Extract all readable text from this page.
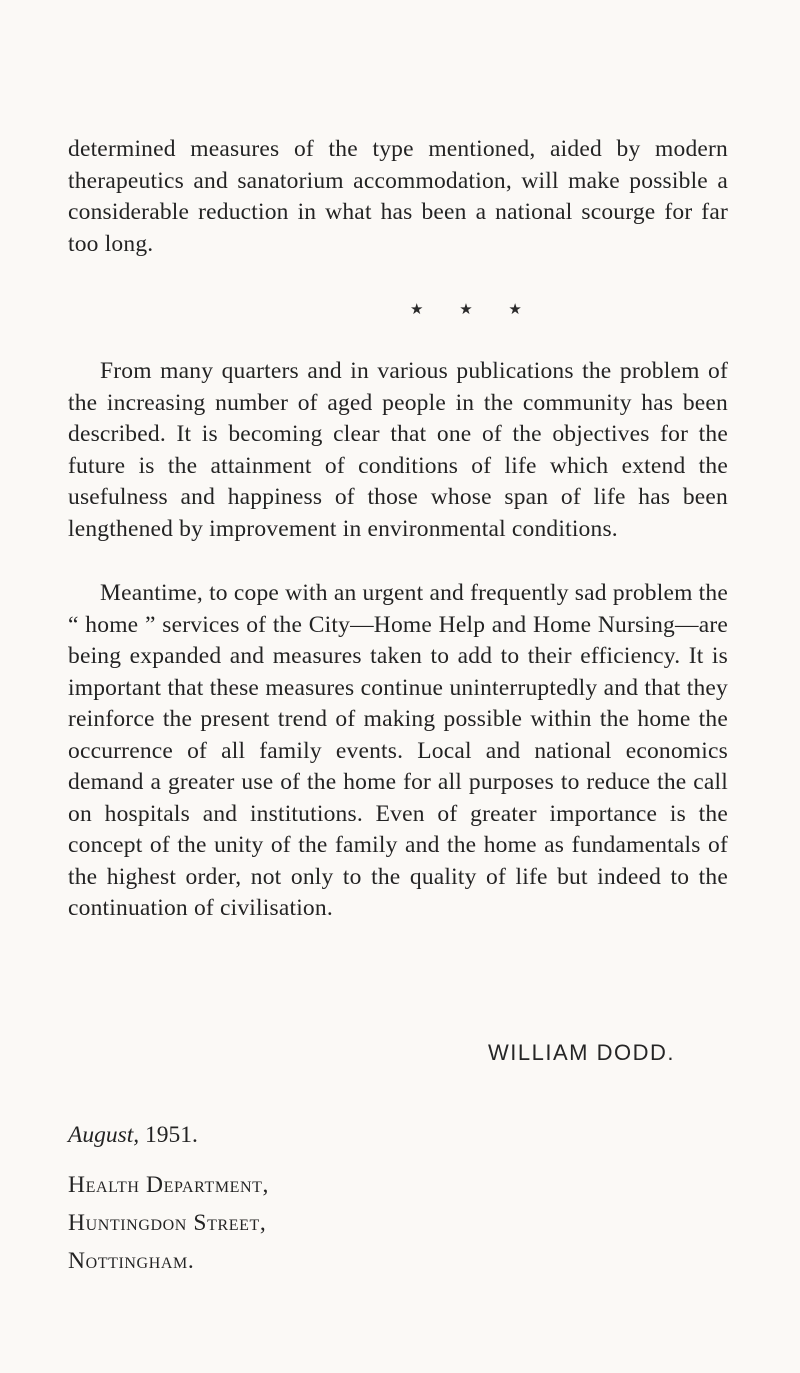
determined measures of the type mentioned, aided by modern therapeutics and sanatorium accommodation, will make possible a considerable reduction in what has been a national scourge for far too long.

★ ★ ★

From many quarters and in various publications the problem of the increasing number of aged people in the community has been described. It is becoming clear that one of the objectives for the future is the attainment of conditions of life which extend the usefulness and happiness of those whose span of life has been lengthened by improvement in environmental conditions.

Meantime, to cope with an urgent and frequently sad problem the “ home ” services of the City—Home Help and Home Nursing—are being expanded and measures taken to add to their efficiency. It is important that these measures continue uninterruptedly and that they reinforce the present trend of making possible within the home the occurrence of all family events. Local and national economics demand a greater use of the home for all purposes to reduce the call on hospitals and institutions. Even of greater importance is the concept of the unity of the family and the home as fundamentals of the highest order, not only to the quality of life but indeed to the continuation of civilisation.

WILLIAM DODD.
August, 1951.
Health Department,
Huntingdon Street,
Nottingham.
